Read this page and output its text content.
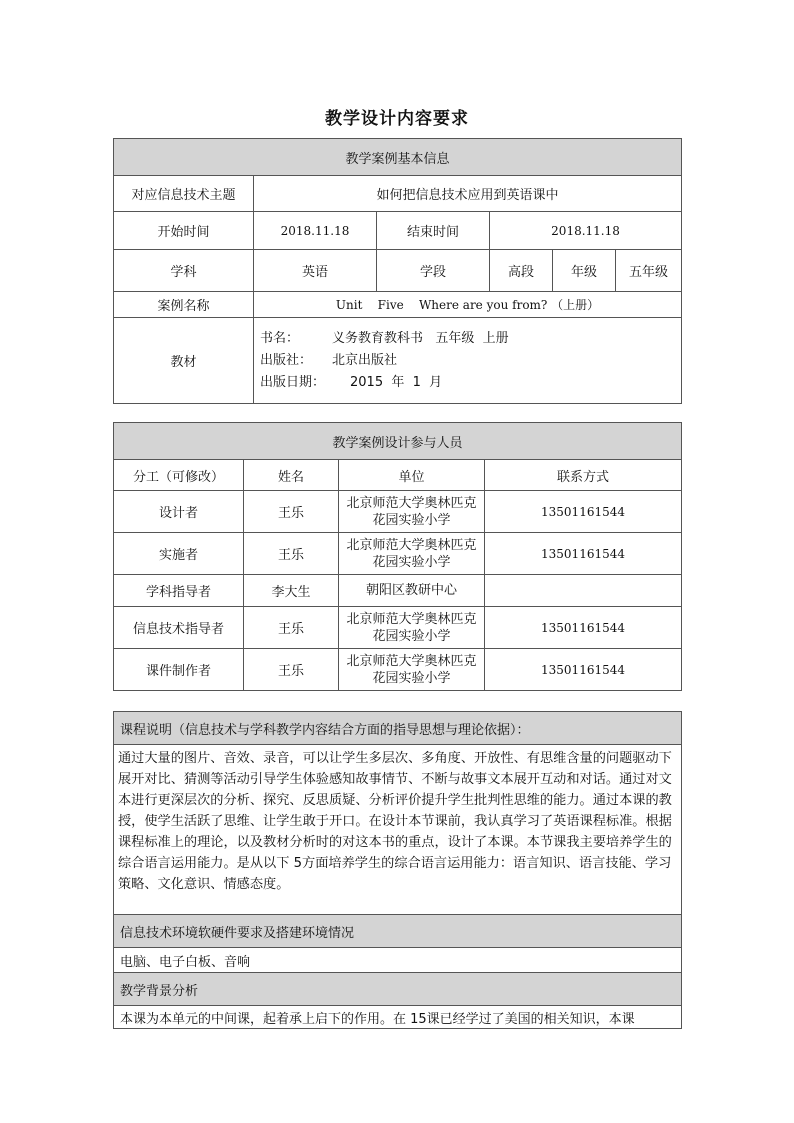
教学设计内容要求
教学案例基本信息					
对应信息技术主题	如何把信息技术应用到英语课中				
开始时间	2018.11.18	结束时间	2018.11.18		
学科	英语	学段	高段	年级	五年级
案例名称	Unit    Five    Where are you from? （上册）				
教材	书名： 义务教育教科书   五年级  上册
出版社： 北京出版社
出版日期： 2015  年  1  月				
教学案例设计参与人员			
分工（可修改）	姓名	单位	联系方式
设计者	王乐	北京师范大学奥林匹克花园实验小学	13501161544
实施者	王乐	北京师范大学奥林匹克花园实验小学	13501161544
学科指导者	李大生	朝阳区教研中心	
信息技术指导者	王乐	北京师范大学奥林匹克花园实验小学	13501161544
课件制作者	王乐	北京师范大学奥林匹克花园实验小学	13501161544
课程说明（信息技术与学科教学内容结合方面的指导思想与理论依据）：
通过大量的图片、音效、录音，可以让学生多层次、多角度、开放性、有思维含量的问题驱动下展开对比、猜测等活动引导学生体验感知故事情节、不断与故事文本展开互动和对话。通过对文本进行更深层次的分析、探究、反思质疑、分析评价提升学生批判性思维的能力。通过本课的教授，使学生活跃了思维、让学生敢于开口。在设计本节课前，我认真学习了英语课程标准。根据课程标准上的理论，以及教材分析时的对这本书的重点，设计了本课。本节课我主要培养学生的综合语言运用能力。是从以下 5方面培养学生的综合语言运用能力：语言知识、语言技能、学习策略、文化意识、情感态度。
信息技术环境软硬件要求及搭建环境情况
电脑、电子白板、音响
教学背景分析
本课为本单元的中间课，起着承上启下的作用。在 15课已经学过了美国的相关知识，本课
